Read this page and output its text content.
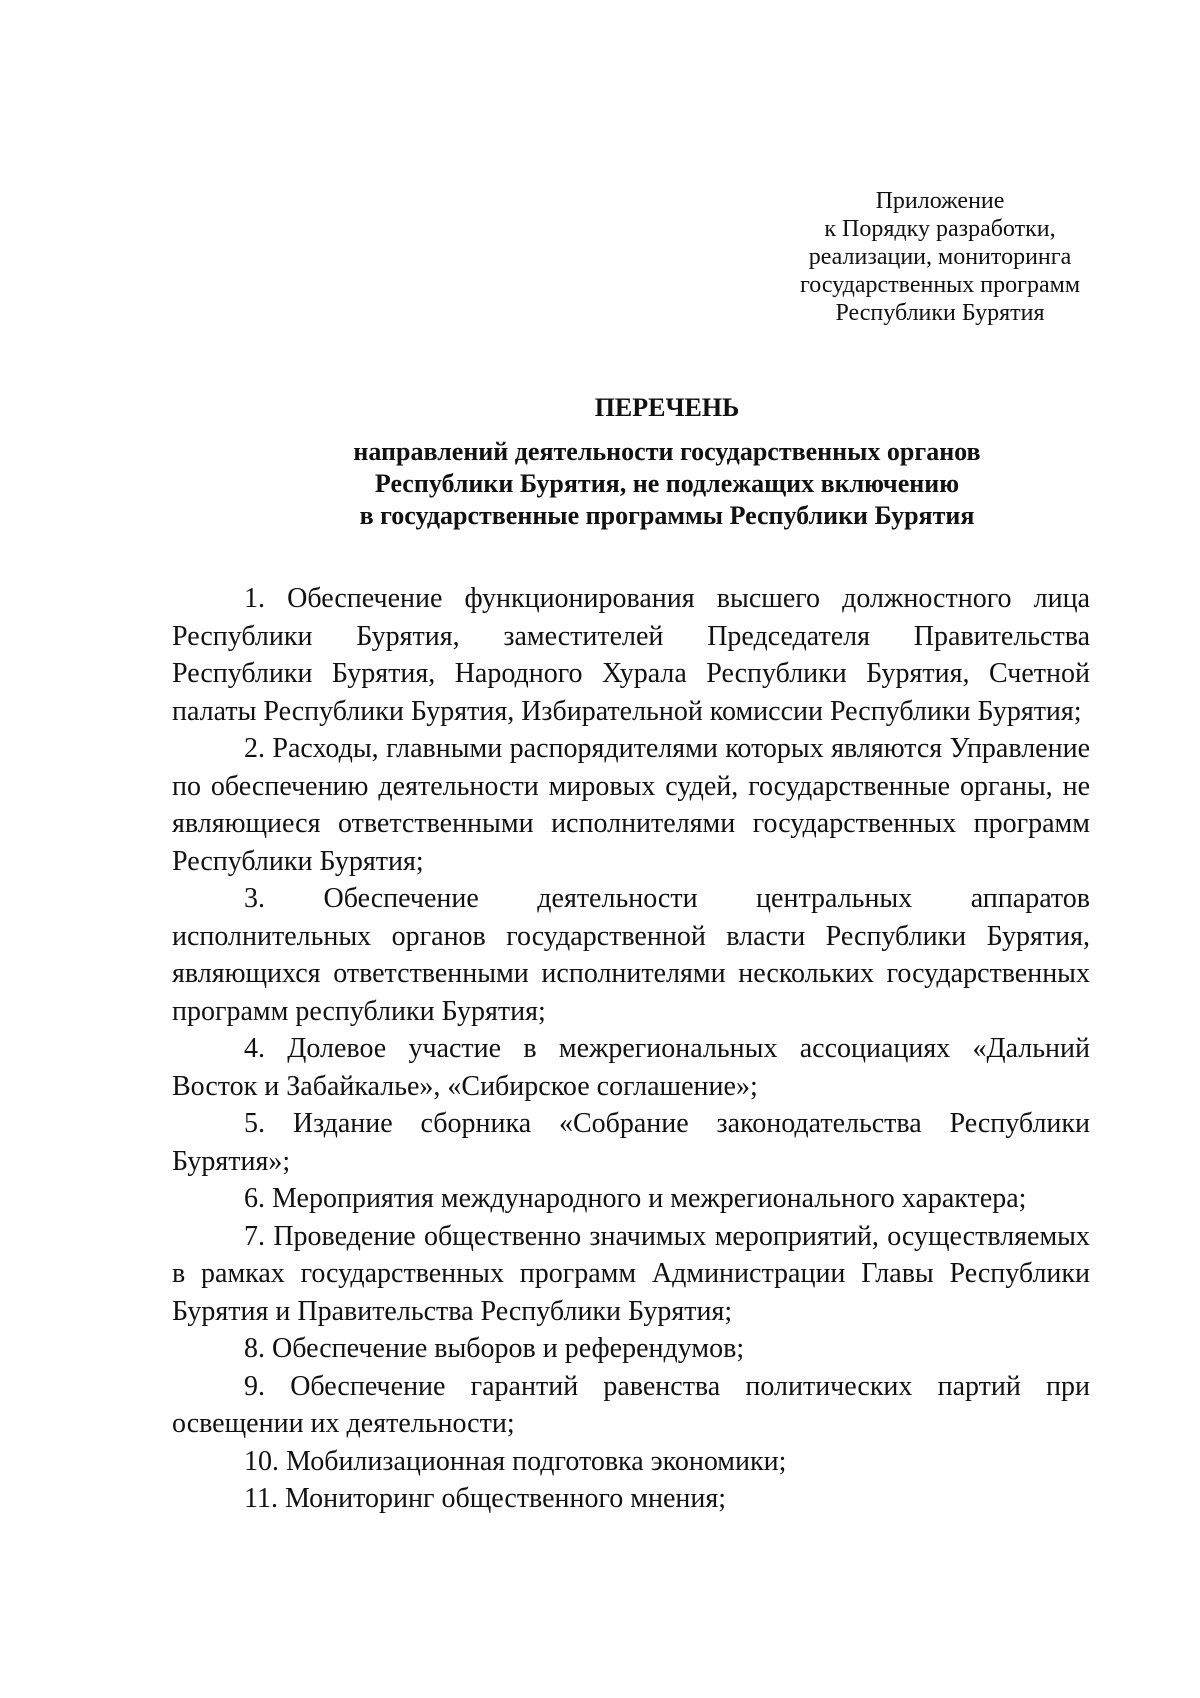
Приложение
к Порядку разработки,
реализации, мониторинга
государственных программ
Республики Бурятия
ПЕРЕЧЕНЬ
направлений деятельности государственных органов
Республики Бурятия, не подлежащих включению
в государственные программы Республики Бурятия

1. Обеспечение функционирования высшего должностного лица Республики Бурятия, заместителей Председателя Правительства Республики Бурятия, Народного Хурала Республики Бурятия, Счетной палаты Республики Бурятия, Избирательной комиссии Республики Бурятия;

2. Расходы, главными распорядителями которых являются Управление по обеспечению деятельности мировых судей, государственные органы, не являющиеся ответственными исполнителями государственных программ Республики Бурятия;

3. Обеспечение деятельности центральных аппаратов исполнительных органов государственной власти Республики Бурятия, являющихся ответственными исполнителями нескольких государственных программ республики Бурятия;

4. Долевое участие в межрегиональных ассоциациях «Дальний Восток и Забайкалье», «Сибирское соглашение»;

5. Издание сборника «Собрание законодательства Республики Бурятия»;

6. Мероприятия международного и межрегионального характера;

7. Проведение общественно значимых мероприятий, осуществляемых в рамках государственных программ Администрации Главы Республики Бурятия и Правительства Республики Бурятия;

8. Обеспечение выборов и референдумов;

9. Обеспечение гарантий равенства политических партий при освещении их деятельности;

10. Мобилизационная подготовка экономики;

11. Мониторинг общественного мнения;
